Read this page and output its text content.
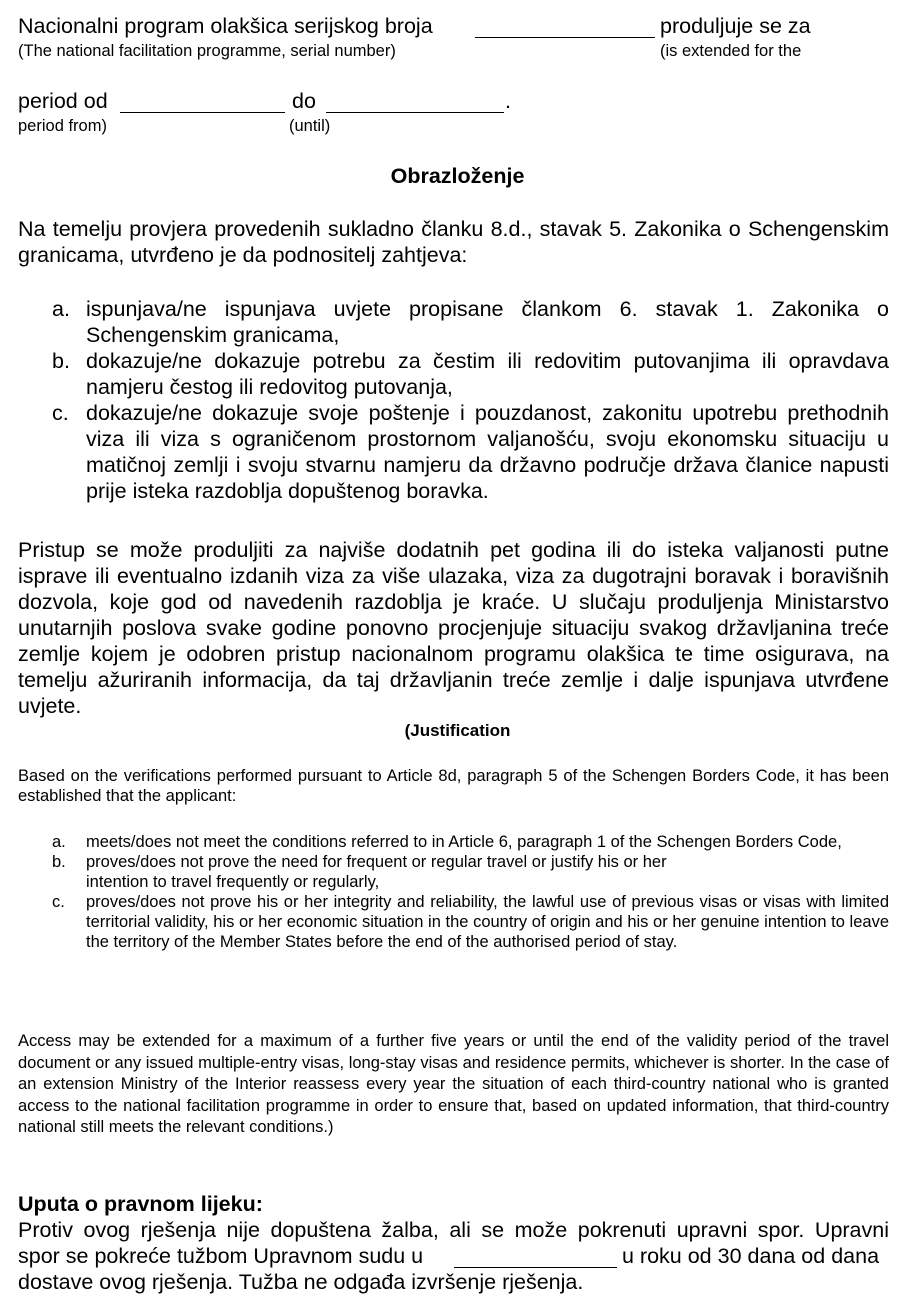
Nacionalni program olakšica serijskog broja	produljuje se za
(The national facilitation programme, serial number)	(is extended for the
period od	do	.
period from)	(until)
Obrazloženje
Na temelju provjera provedenih sukladno članku 8.d., stavak 5. Zakonika o Schengenskim granicama, utvrđeno je da podnositelj zahtjeva:
a. ispunjava/ne ispunjava uvjete propisane člankom 6. stavak 1. Zakonika o Schengenskim granicama,
b. dokazuje/ne dokazuje potrebu za čestim ili redovitim putovanjima ili opravdava namjeru čestog ili redovitog putovanja,
c. dokazuje/ne dokazuje svoje poštenje i pouzdanost, zakonitu upotrebu prethodnih viza ili viza s ograničenom prostornom valjanošću, svoju ekonomsku situaciju u matičnoj zemlji i svoju stvarnu namjeru da državno područje država članice napusti prije isteka razdoblja dopuštenog boravka.
Pristup se može produljiti za najviše dodatnih pet godina ili do isteka valjanosti putne isprave ili eventualno izdanih viza za više ulazaka, viza za dugotrajni boravak i boravišnih dozvola, koje god od navedenih razdoblja je kraće. U slučaju produljenja Ministarstvo unutarnjih poslova svake godine ponovno procjenjuje situaciju svakog državljanina treće zemlje kojem je odobren pristup nacionalnom programu olakšica te time osigurava, na temelju ažuriranih informacija, da taj državljanin treće zemlje i dalje ispunjava utvrđene uvjete.
(Justification
Based on the verifications performed pursuant to Article 8d, paragraph 5 of the Schengen Borders Code, it has been established that the applicant:
a. meets/does not meet the conditions referred to in Article 6, paragraph 1 of the Schengen Borders Code,
b. proves/does not prove the need for frequent or regular travel or justify his or her
intention to travel frequently or regularly,
c. proves/does not prove his or her integrity and reliability, the lawful use of previous visas or visas with limited territorial validity, his or her economic situation in the country of origin and his or her genuine intention to leave the territory of the Member States before the end of the authorised period of stay.
Access may be extended for a maximum of a further five years or until the end of the validity period of the travel document or any issued multiple-entry visas, long-stay visas and residence permits, whichever is shorter. In the case of an extension Ministry of the Interior reassess every year the situation of each third-country national who is granted access to the national facilitation programme in order to ensure that, based on updated information, that third-country national still meets the relevant conditions.)
Uputa o pravnom lijeku:
Protiv ovog rješenja nije dopuštena žalba, ali se može pokrenuti upravni spor. Upravni
spor se pokreće tužbom Upravnom sudu u	u roku od 30 dana od dana
dostave ovog rješenja. Tužba ne odgađa izvršenje rješenja.
